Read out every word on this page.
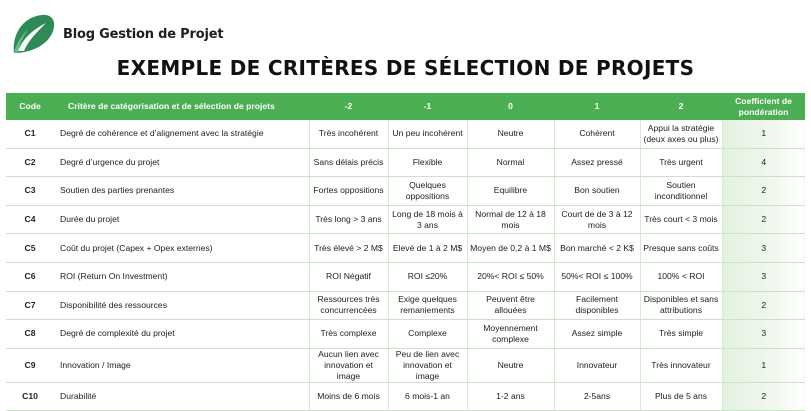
Blog Gestion de Projet
EXEMPLE DE CRITÈRES DE SÉLECTION DE PROJETS
Code	Critère de catégorisation et de sélection de projets	-2	-1	0	1	2	Coefficient de pondération
C1	Degré de cohérence et d’alignement avec la stratégie	Très incohérent	Un peu incohérent	Neutre	Cohérent	Appui la stratégie (deux axes ou plus)	1
C2	Degré d’urgence du projet	Sans délais précis	Flexible	Normal	Assez pressé	Très urgent	4
C3	Soutien des parties prenantes	Fortes oppositions	Quelques oppositions	Equilibre	Bon soutien	Soutien inconditionnel	2
C4	Durée du projet	Très long > 3 ans	Long de 18 mois à 3 ans	Normal de 12 à 18 mois	Court de de 3 à 12 mois	Très court < 3 mois	2
C5	Coût du projet (Capex + Opex externes)	Très élevé > 2 M$	Elevé de 1 à 2 M$	Moyen de 0,2 à 1 M$	Bon marché < 2 K$	Presque sans coûts	3
C6	ROI (Return On Investment)	ROI Négatif	ROI ≤20%	20%< ROI ≤ 50%	50%< ROI ≤ 100%	100% < ROI	3
C7	Disponibilité des ressources	Ressources très concurrencées	Exige quelques remaniements	Peuvent être allouées	Facilement disponibles	Disponibles et sans attributions	2
C8	Degré de complexité du projet	Très complexe	Complexe	Moyennement complexe	Assez simple	Très simple	3
C9	Innovation / Image	Aucun lien avec innovation et image	Peu de lien avec innovation et image	Neutre	Innovateur	Très innovateur	1
C10	Durabilité	Moins de 6 mois	6 mois-1 an	1-2 ans	2-5ans	Plus de 5 ans	2
